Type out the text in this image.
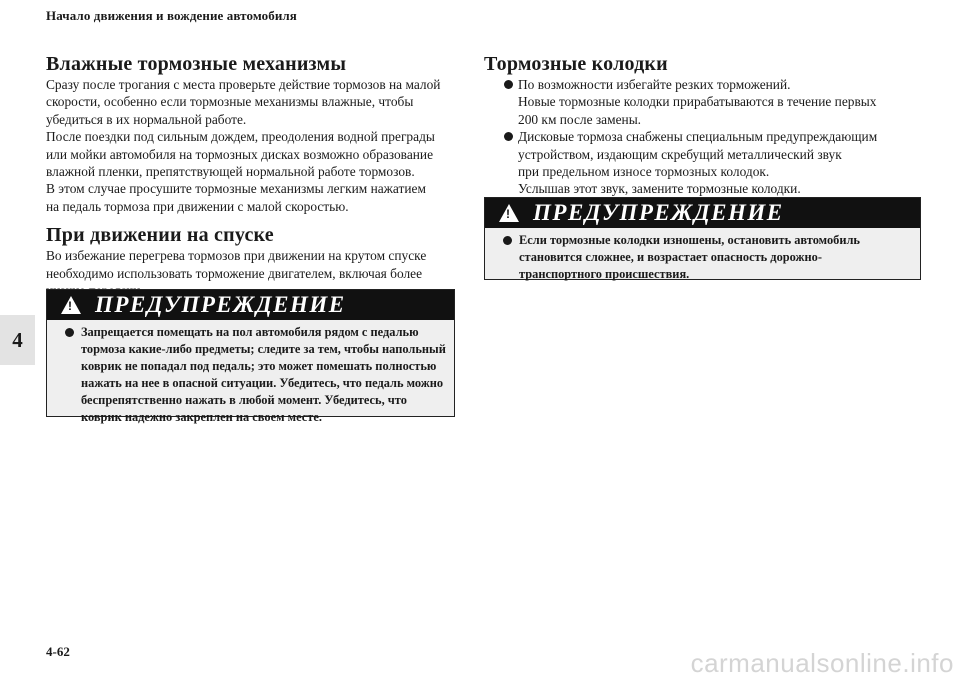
Начало движения и вождение автомобиля
4
Влажные тормозные механизмы

Сразу после трогания с места проверьте действие тормозов на малой
скорости, особенно если тормозные механизмы влажные, чтобы
убедиться в их нормальной работе.
После поездки под сильным дождем, преодоления водной преграды
или мойки автомобиля на тормозных дисках возможно образование
влажной пленки, препятствующей нормальной работе тормозов.
В этом случае просушите тормозные механизмы легким нажатием
на педаль тормоза при движении с малой скоростью.

При движении на спуске

Во избежание перегрева тормозов при движении на крутом спуске
необходимо использовать торможение двигателем, включая более

! ПРЕДУПРЕЖДЕНИЕ
Запрещается помещать на пол автомобиля рядом с педалью
тормоза какие-либо предметы; следите за тем, чтобы напольный
коврик не попадал под педаль; это может помешать полностью
нажать на нее в опасной ситуации. Убедитесь, что педаль можно
беспрепятственно нажать в любой момент. Убедитесь, что
коврик надежно закреплен на своем месте.
Тормозные колодки
По возможности избегайте резких торможений.
Новые тормозные колодки прирабатываются в течение первых
200 км после замены.
Дисковые тормоза снабжены специальным предупреждающим
устройством, издающим скребущий металлический звук
при предельном износе тормозных колодок.
Услышав этот звук, замените тормозные колодки.
! ПРЕДУПРЕЖДЕНИЕ
Если тормозные колодки изношены, остановить автомобиль
становится сложнее, и возрастает опасность дорожно-
транспортного происшествия.
4-62	carmanualsonline.info
